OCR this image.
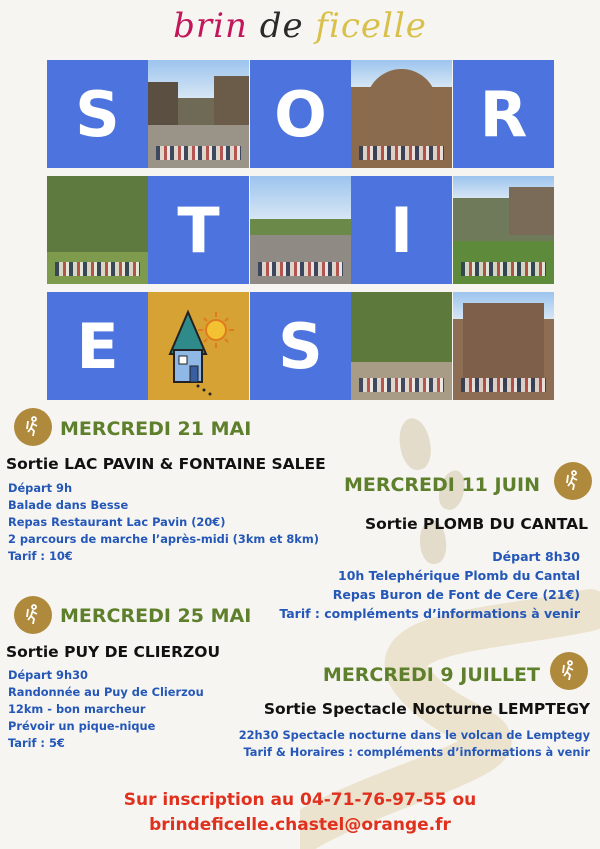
brin de ficelle
S	O	R
T	I
E	S
MERCREDI 21 MAI
Sortie LAC PAVIN & FONTAINE SALEE
Départ 9h
Balade dans Besse
Repas Restaurant Lac Pavin (20€)
2 parcours de marche l’après-midi (3km et 8km)
Tarif : 10€
MERCREDI 11 JUIN
Sortie PLOMB DU CANTAL
Départ 8h30
10h Telephérique Plomb du Cantal
Repas Buron de Font de Cere (21€)
Tarif : compléments d’informations à venir
MERCREDI 25 MAI
Sortie PUY DE CLIERZOU
Départ 9h30
Randonnée au Puy de Clierzou
12km - bon marcheur
Prévoir un pique-nique
Tarif : 5€
MERCREDI 9 JUILLET
Sortie Spectacle Nocturne LEMPTEGY
22h30 Spectacle nocturne dans le volcan de Lemptegy
Tarif & Horaires : compléments d’informations à venir
Sur inscription au 04-71-76-97-55 ou
brindeficelle.chastel@orange.fr
